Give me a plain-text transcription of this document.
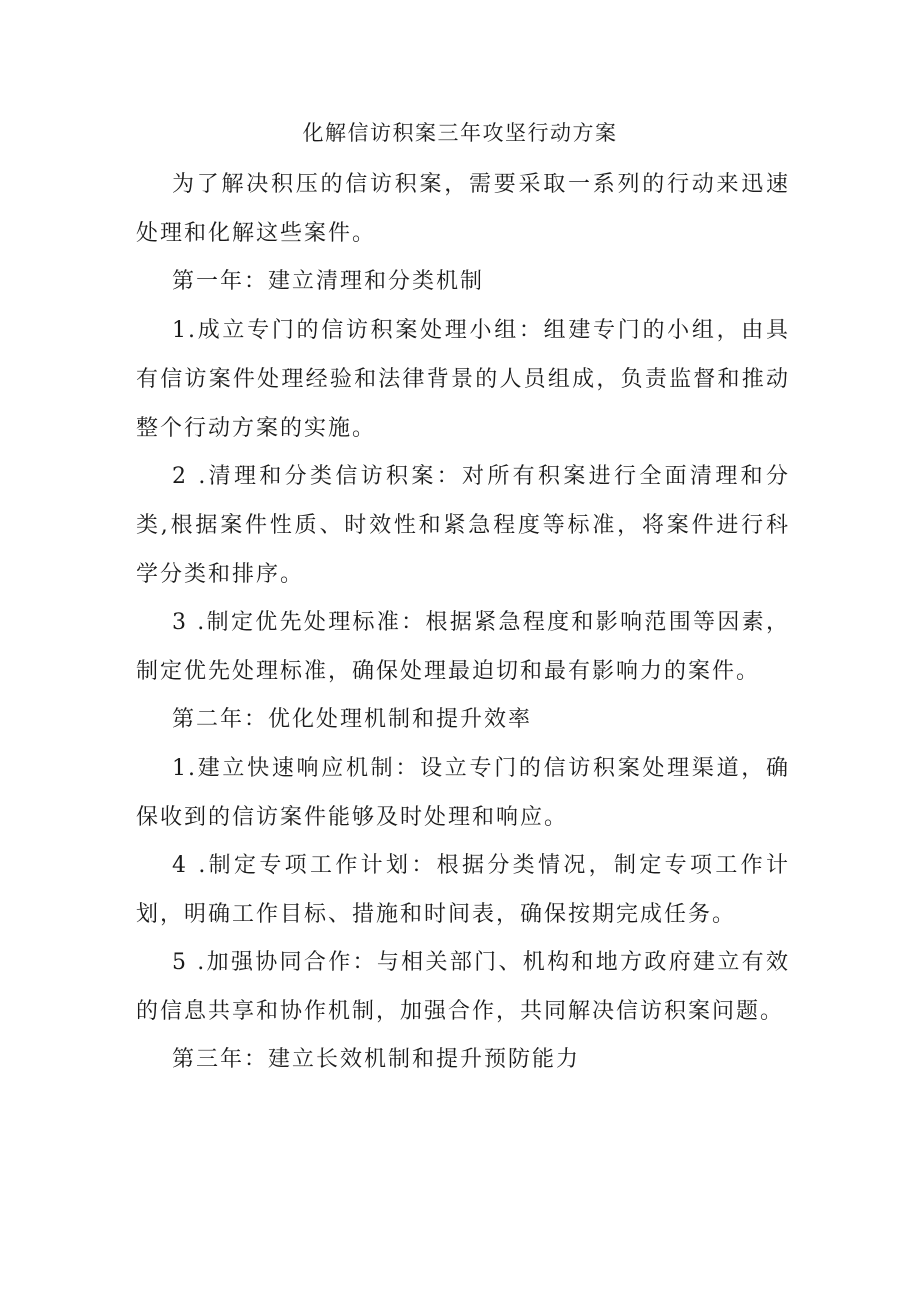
化解信访积案三年攻坚行动方案

为了解决积压的信访积案，需要采取一系列的行动来迅速处理和化解这些案件。

第一年：建立清理和分类机制

1.成立专门的信访积案处理小组：组建专门的小组，由具有信访案件处理经验和法律背景的人员组成，负责监督和推动整个行动方案的实施。

2 .清理和分类信访积案：对所有积案进行全面清理和分类,根据案件性质、时效性和紧急程度等标准，将案件进行科学分类和排序。

3 .制定优先处理标准：根据紧急程度和影响范围等因素，制定优先处理标准，确保处理最迫切和最有影响力的案件。

第二年：优化处理机制和提升效率

1.建立快速响应机制：设立专门的信访积案处理渠道，确保收到的信访案件能够及时处理和响应。

4 .制定专项工作计划：根据分类情况，制定专项工作计划，明确工作目标、措施和时间表，确保按期完成任务。

5 .加强协同合作：与相关部门、机构和地方政府建立有效的信息共享和协作机制，加强合作，共同解决信访积案问题。

第三年：建立长效机制和提升预防能力
